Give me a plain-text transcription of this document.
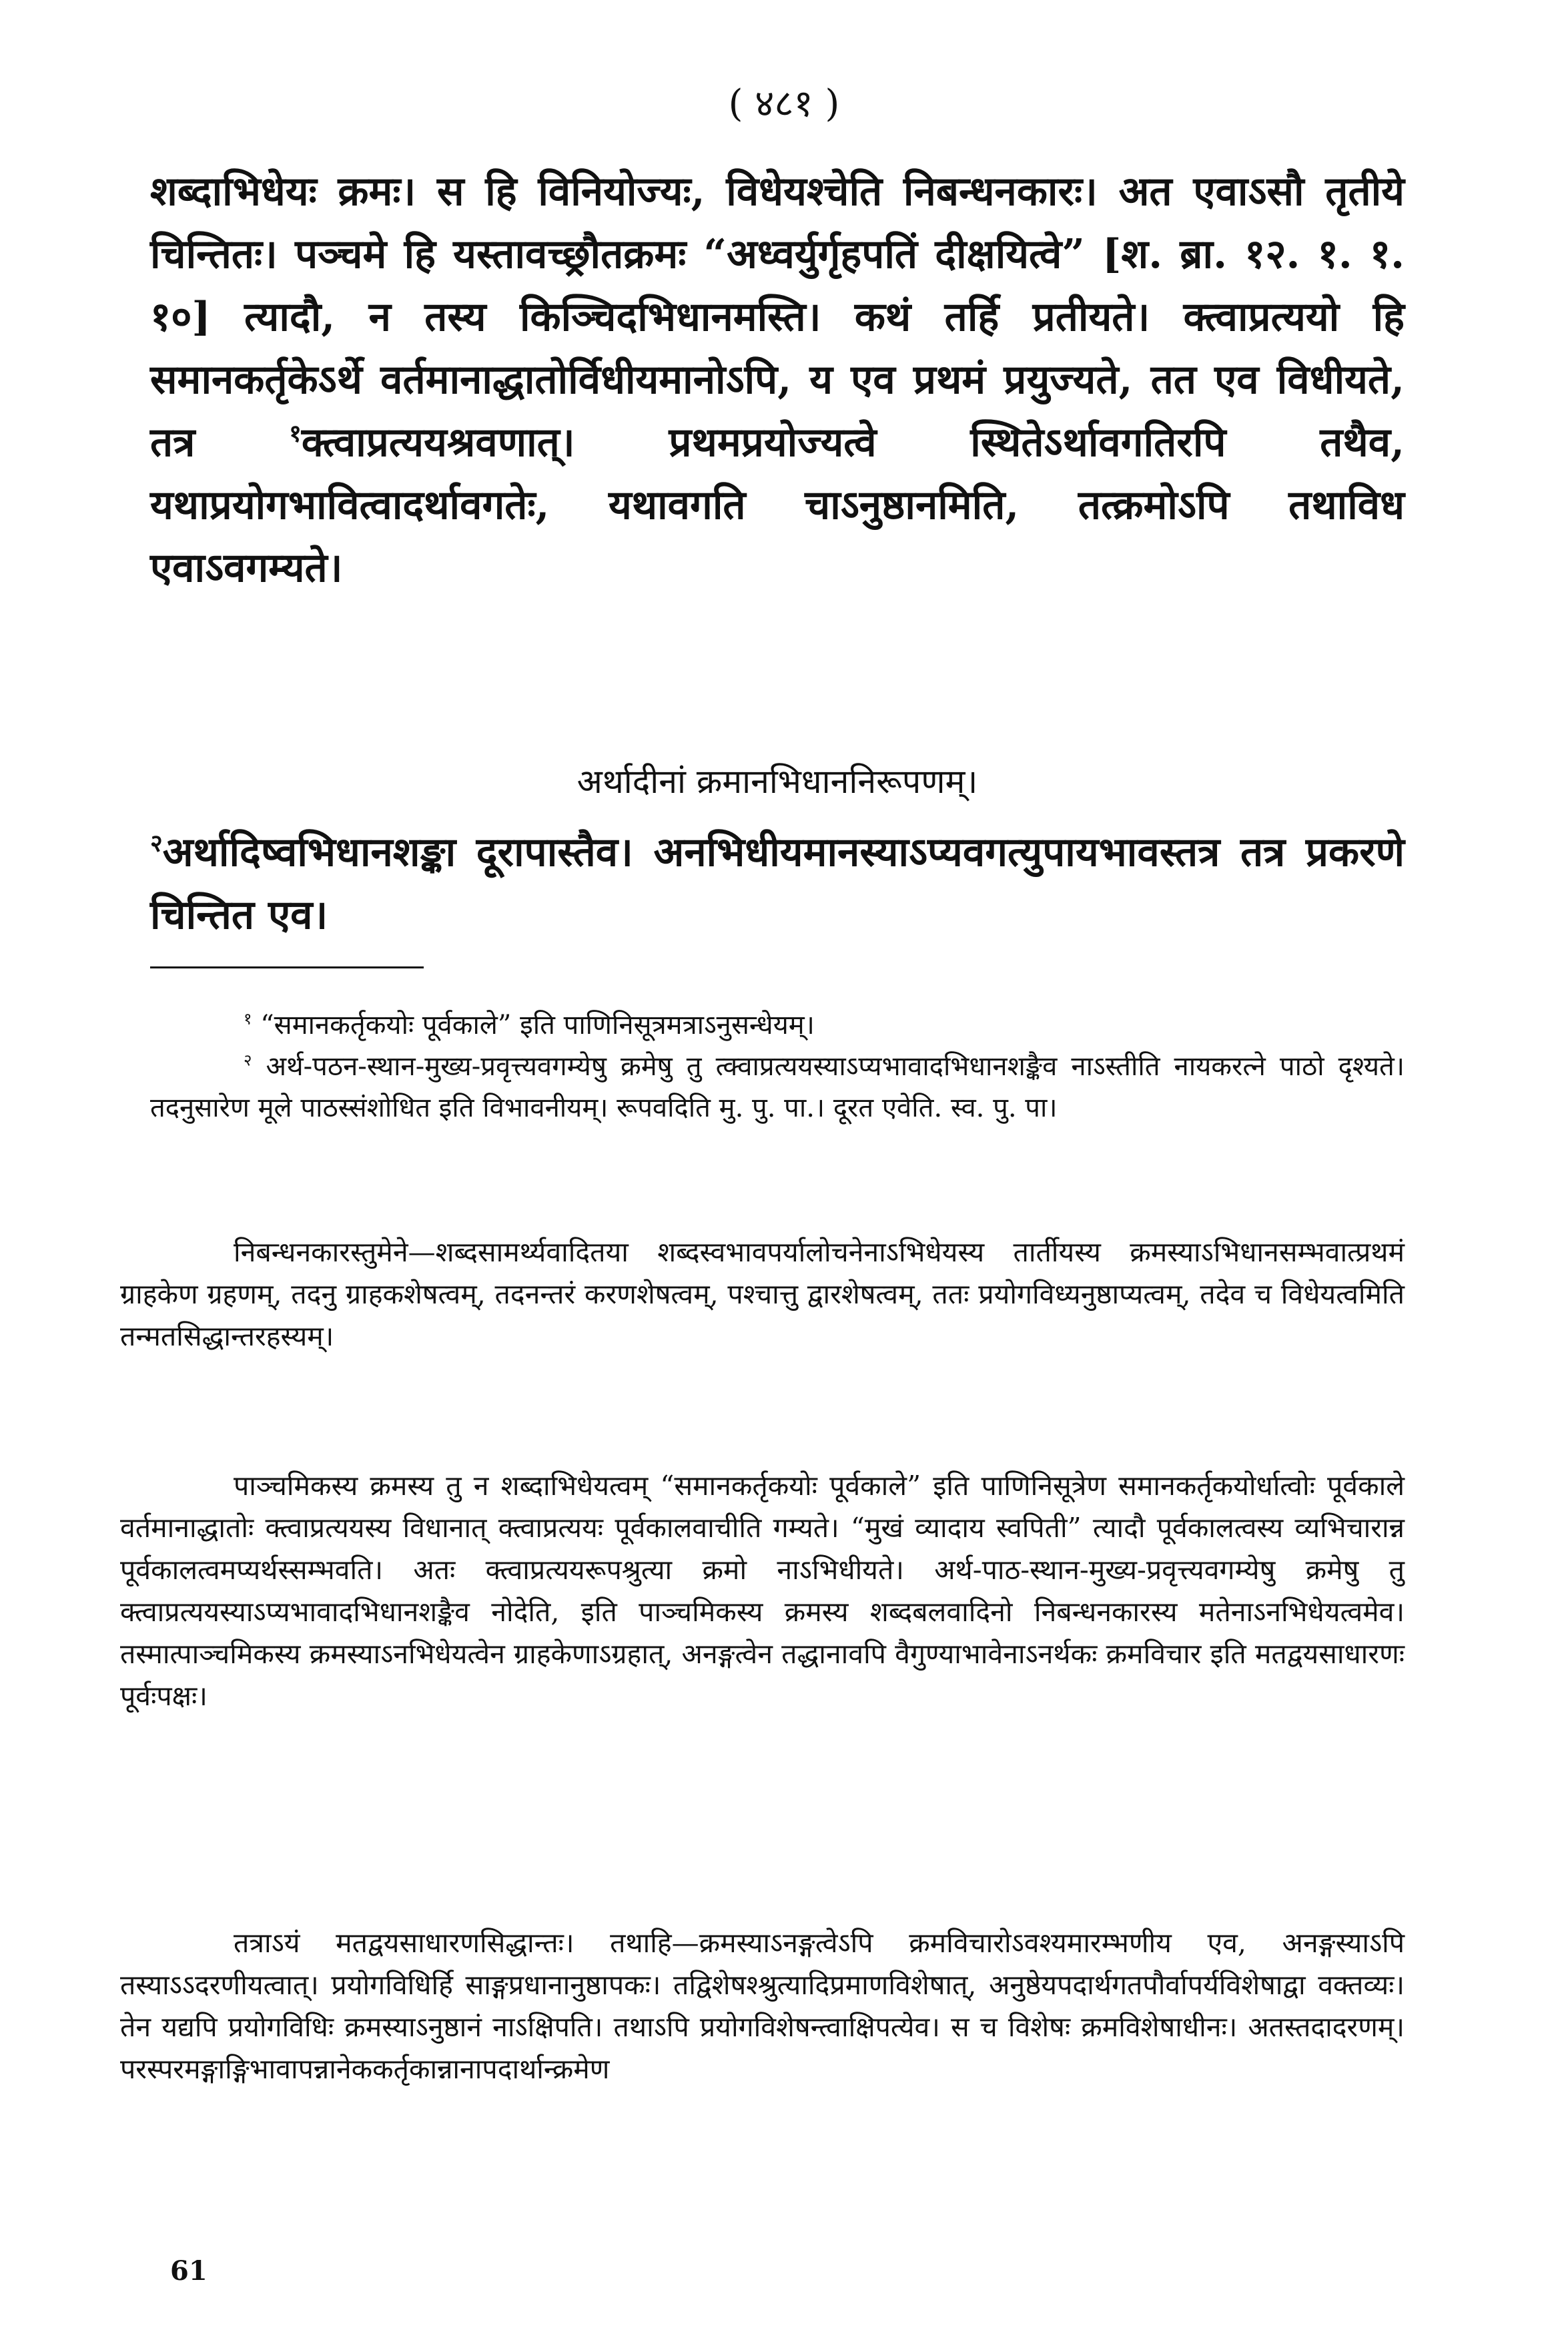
( ४८१ )
शब्दाभिधेयः क्रमः। स हि विनियोज्यः, विधेयश्चेति निबन्धनकारः। अत एवाऽसौ तृतीये चिन्तितः। पञ्चमे हि यस्तावच्छ्रौतक्रमः “अध्वर्युर्गृहपतिं दीक्षयित्वे” [श. ब्रा. १२. १. १. १०] त्यादौ, न तस्य किञ्चिदभिधानमस्ति। कथं तर्हि प्रतीयते। क्त्वाप्रत्ययो हि समानकर्तृकेऽर्थे वर्तमानाद्धातोर्विधीयमानोऽपि, य एव प्रथमं प्रयुज्यते, तत एव विधीयते, तत्र	$^१$क्त्वाप्रत्ययश्रवणात्। प्रथमप्रयोज्यत्वे स्थितेऽर्थावगतिरपि तथैव, यथाप्रयोगभावित्वादर्थावगतेः, यथावगति चाऽनुष्ठानमिति, तत्क्रमोऽपि तथाविध एवाऽवगम्यते।
अर्थादीनां क्रमानभिधाननिरूपणम्।
$^२$अर्थादिष्वभिधानशङ्का दूरापास्तैव। अनभिधीयमानस्याऽप्यवगत्युपायभावस्तत्र तत्र प्रकरणे चिन्तित एव।

$^१$ “समानकर्तृकयोः पूर्वकाले” इति पाणिनिसूत्रमत्राऽनुसन्धेयम्।

$^२$ अर्थ-पठन-स्थान-मुख्य-प्रवृत्त्यवगम्येषु क्रमेषु तु त्क्वाप्रत्ययस्याऽप्यभावादभिधानशङ्कैव नाऽस्तीति नायकरत्ने पाठो दृश्यते। तदनुसारेण मूले पाठस्संशोधित इति विभावनीयम्। रूपवदिति मु. पु. पा.। दूरत एवेति. स्व. पु. पा।

निबन्धनकारस्तुमेने—शब्दसामर्थ्यवादितया शब्दस्वभावपर्यालोचनेनाऽभिधेयस्य तार्तीयस्य क्रमस्याऽभिधानसम्भवात्प्रथमं ग्राहकेण ग्रहणम्, तदनु ग्राहकशेषत्वम्, तदनन्तरं करणशेषत्वम्, पश्चात्तु द्वारशेषत्वम्, ततः प्रयोगविध्यनुष्ठाप्यत्वम्, तदेव च विधेयत्वमिति तन्मतसिद्धान्तरहस्यम्।

पाञ्चमिकस्य क्रमस्य तु न शब्दाभिधेयत्वम् “समानकर्तृकयोः पूर्वकाले” इति पाणिनिसूत्रेण समानकर्तृकयोर्धात्वोः पूर्वकाले वर्तमानाद्धातोः क्त्वाप्रत्ययस्य विधानात् क्त्वाप्रत्ययः पूर्वकालवाचीति गम्यते। “मुखं व्यादाय स्वपिती” त्यादौ पूर्वकालत्वस्य व्यभिचारान्न पूर्वकालत्वमप्यर्थस्सम्भवति। अतः क्त्वाप्रत्ययरूपश्रुत्या क्रमो नाऽभिधीयते। अर्थ-पाठ-स्थान-मुख्य-प्रवृत्त्यवगम्येषु क्रमेषु तु क्त्वाप्रत्ययस्याऽप्यभावादभिधानशङ्कैव नोदेति, इति पाञ्चमिकस्य क्रमस्य शब्दबलवादिनो निबन्धनकारस्य मतेनाऽनभिधेयत्वमेव। तस्मात्पाञ्चमिकस्य क्रमस्याऽनभिधेयत्वेन ग्राहकेणाऽग्रहात्, अनङ्गत्वेन तद्धानावपि वैगुण्याभावेनाऽनर्थकः क्रमविचार इति मतद्वयसाधारणः पूर्वःपक्षः।

तत्राऽयं मतद्वयसाधारणसिद्धान्तः। तथाहि—क्रमस्याऽनङ्गत्वेऽपि क्रमविचारोऽवश्यमारम्भणीय एव, अनङ्गस्याऽपि तस्याऽऽदरणीयत्वात्। प्रयोगविधिर्हि साङ्गप्रधानानुष्ठापकः। तद्विशेषश्श्रुत्यादिप्रमाणविशेषात्, अनुष्ठेयपदार्थगतपौर्वापर्यविशेषाद्वा वक्तव्यः। तेन यद्यपि प्रयोगविधिः क्रमस्याऽनुष्ठानं नाऽक्षिपति। तथाऽपि प्रयोगविशेषन्त्वाक्षिपत्येव। स च विशेषः क्रमविशेषाधीनः। अतस्तदादरणम्। परस्परमङ्गाङ्गिभावापन्नानेककर्तृकान्नानापदार्थान्क्रमेण

61
